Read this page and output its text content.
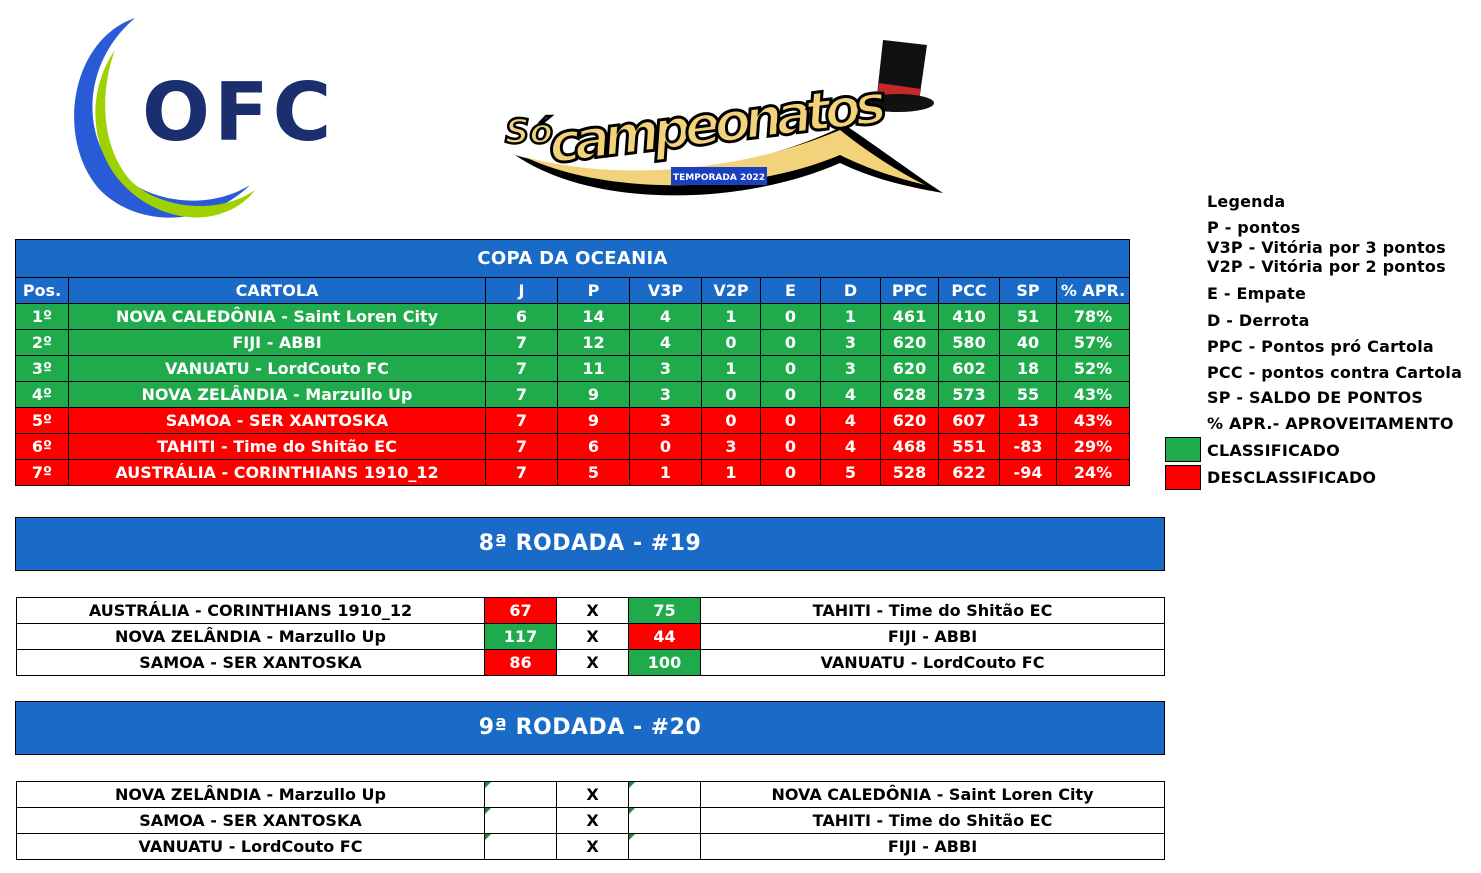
OFC	Só
campeonatos
TEMPORADA 2022
Legenda
P - pontos
V3P - Vitória por 3 pontos
V2P - Vitória por 2 pontos
E - Empate
D - Derrota
PPC - Pontos pró Cartola
PCC - pontos contra Cartola
SP - SALDO DE PONTOS
% APR.- APROVEITAMENTO
CLASSIFICADO
DESCLASSIFICADO
COPA DA OCEANIA											
Pos.	CARTOLA	J	P	V3P	V2P	E	D	PPC	PCC	SP	% APR.
1º	NOVA CALEDÔNIA - Saint Loren City	6	14	4	1	0	1	461	410	51	78%
2º	FIJI - ABBI	7	12	4	0	0	3	620	580	40	57%
3º	VANUATU - LordCouto FC	7	11	3	1	0	3	620	602	18	52%
4º	NOVA ZELÂNDIA - Marzullo Up	7	9	3	0	0	4	628	573	55	43%
5º	SAMOA - SER XANTOSKA	7	9	3	0	0	4	620	607	13	43%
6º	TAHITI - Time do Shitão EC	7	6	0	3	0	4	468	551	-83	29%
7º	AUSTRÁLIA - CORINTHIANS 1910_12	7	5	1	1	0	5	528	622	-94	24%
8ª RODADA - #19
AUSTRÁLIA - CORINTHIANS 1910_12	67	X	75	TAHITI - Time do Shitão EC
NOVA ZELÂNDIA - Marzullo Up	117	X	44	FIJI - ABBI
SAMOA - SER XANTOSKA	86	X	100	VANUATU - LordCouto FC
9ª RODADA - #20
NOVA ZELÂNDIA - Marzullo Up		X		NOVA CALEDÔNIA - Saint Loren City
SAMOA - SER XANTOSKA		X		TAHITI - Time do Shitão EC
VANUATU - LordCouto FC		X		FIJI - ABBI
